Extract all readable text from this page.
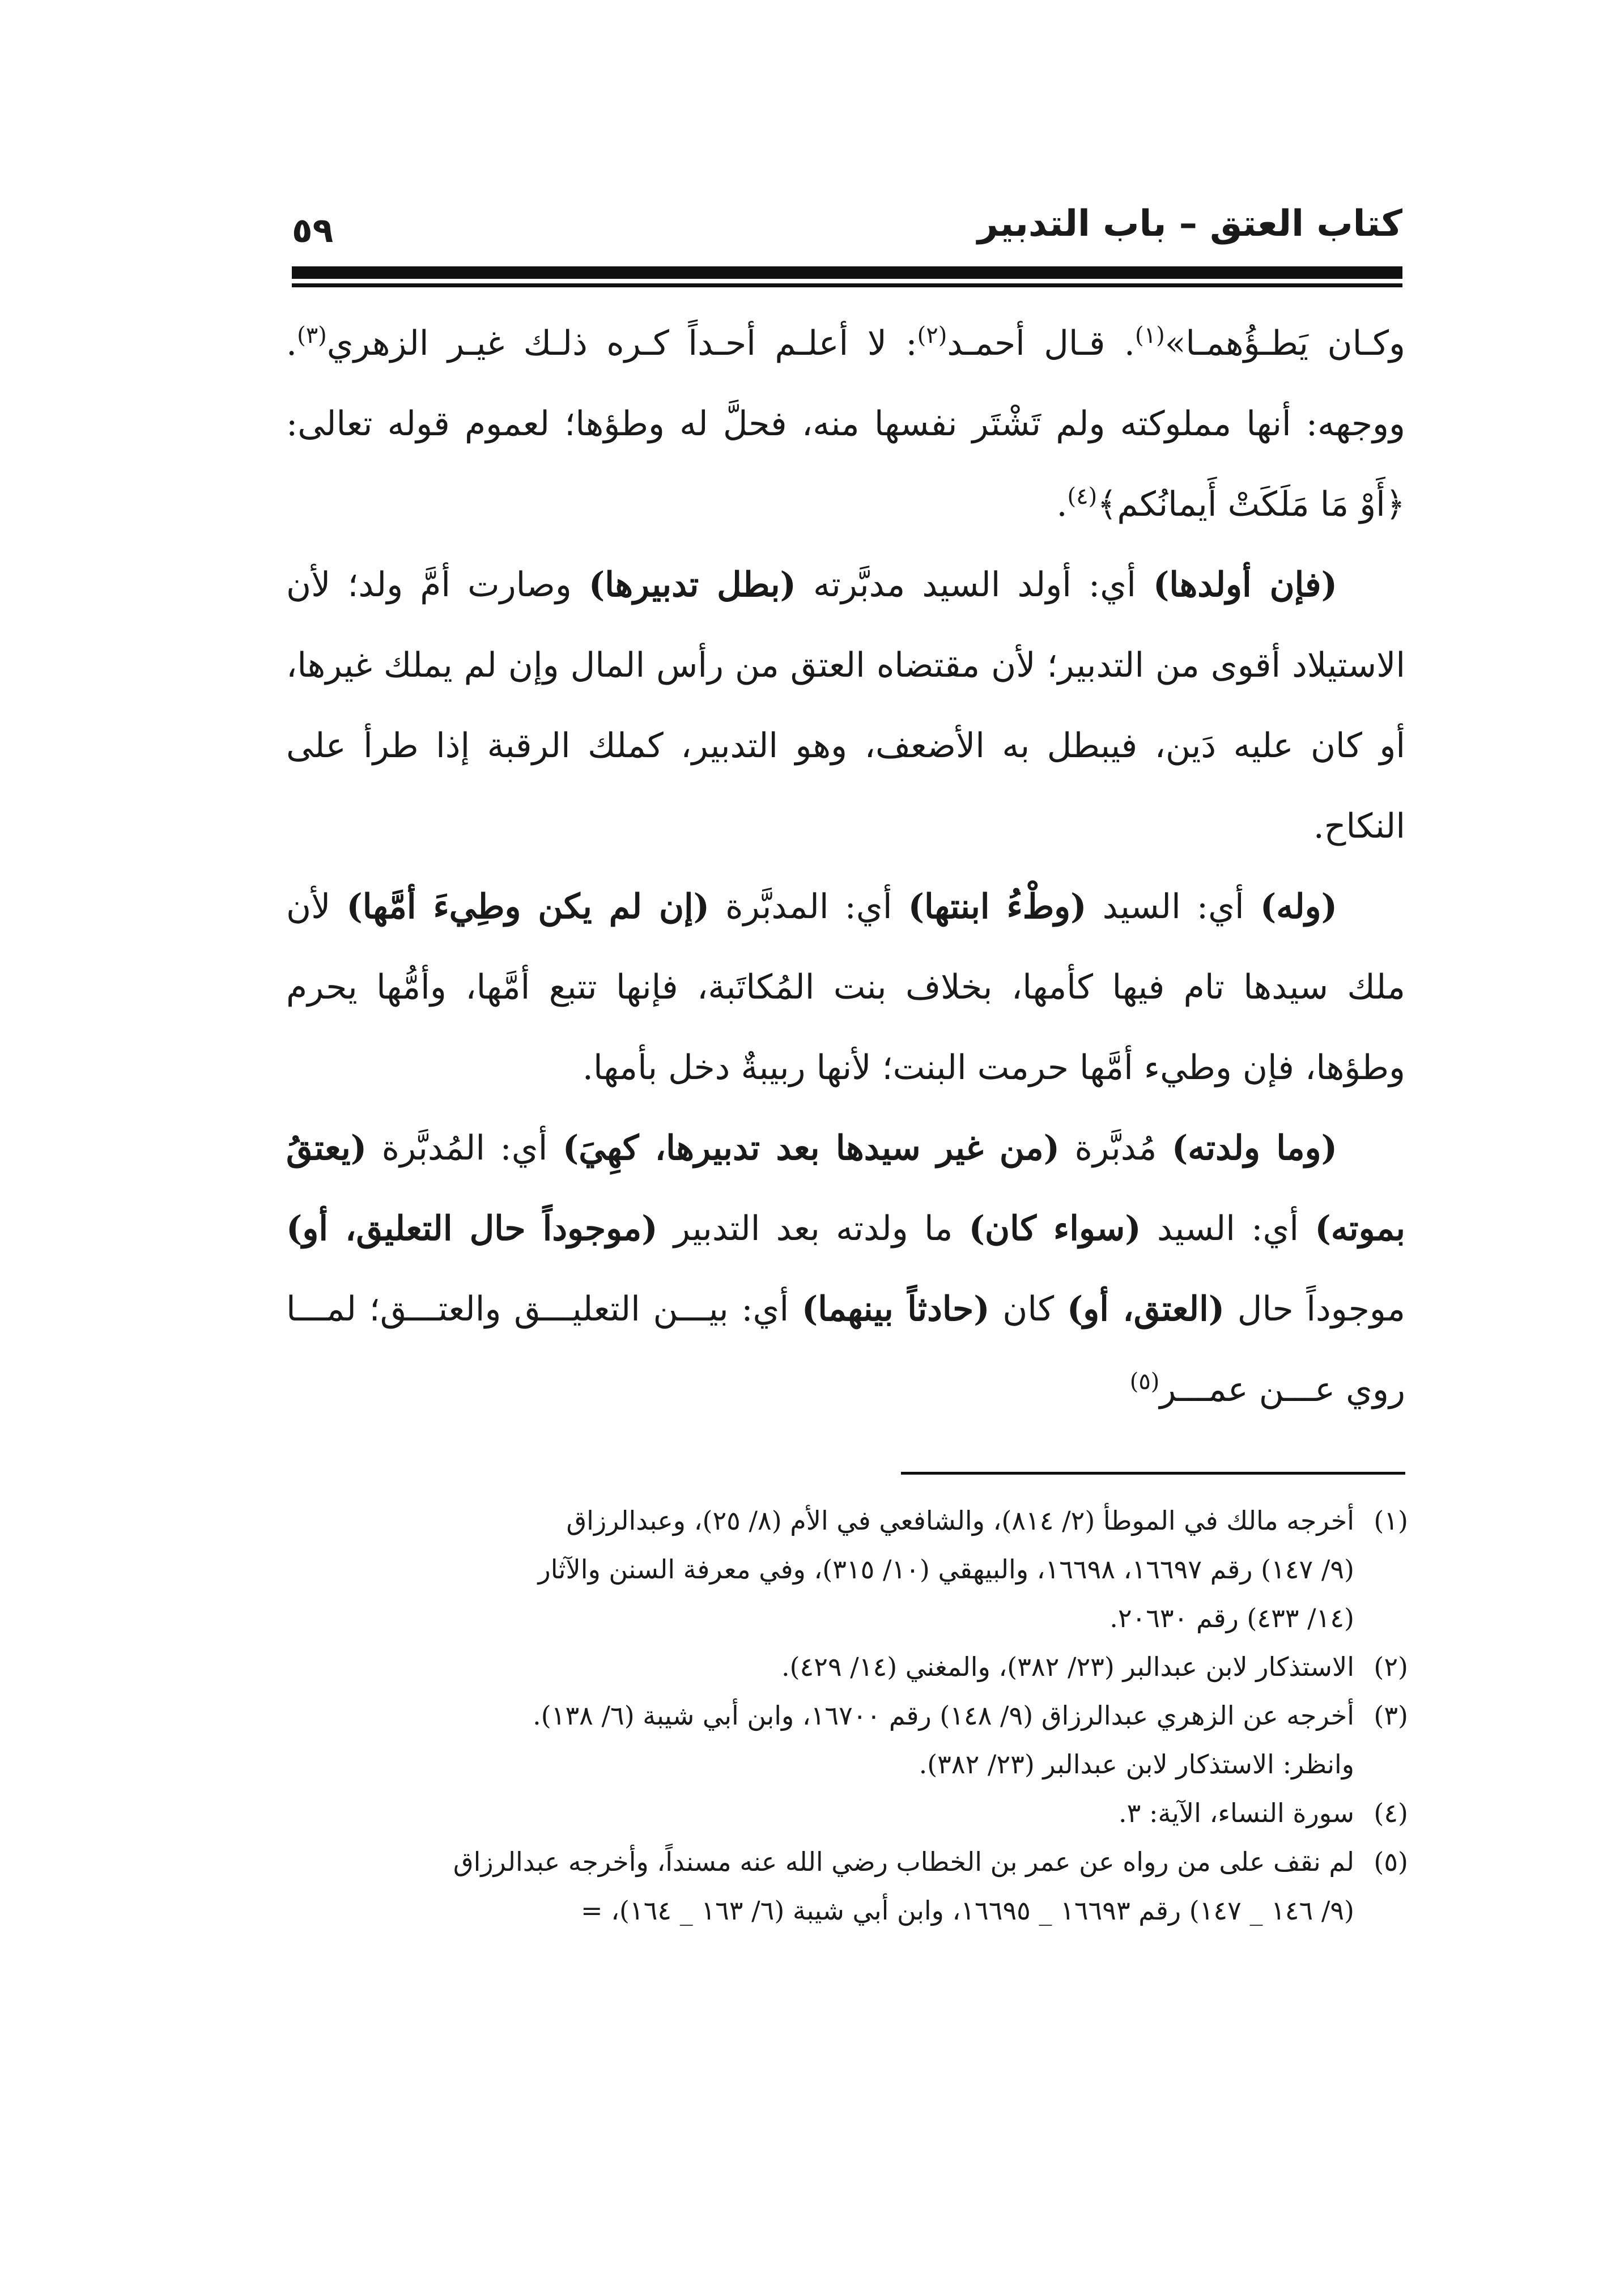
كتاب العتق – باب التدبير
٥٩

وكـان يَطـؤُهمـا»$^{(١)}$. قـال أحمـد$^{(٢)}$: لا أعلـم أحـداً كـره ذلـك غيـر الزهري$^{(٣)}$. ووجهه: أنها مملوكته ولم تَشْتَر نفسها منه، فحلَّ له وطؤها؛ لعموم قوله تعالى: ﴿أَوْ مَا مَلَكَتْ أَيمانُكم﴾$^{(٤)}$.

(فإن أولدها) أي: أولد السيد مدبَّرته (بطل تدبيرها) وصارت أمَّ ولد؛ لأن الاستيلاد أقوى من التدبير؛ لأن مقتضاه العتق من رأس المال وإن لم يملك غيرها، أو كان عليه دَين، فيبطل به الأضعف، وهو التدبير، كملك الرقبة إذا طرأ على النكاح.

(وله) أي: السيد (وطْءُ ابنتها) أي: المدبَّرة (إن لم يكن وطِيءَ أمَّها) لأن ملك سيدها تام فيها كأمها، بخلاف بنت المُكاتَبة، فإنها تتبع أمَّها، وأمُّها يحرم وطؤها، فإن وطيء أمَّها حرمت البنت؛ لأنها ربيبةٌ دخل بأمها.

(وما ولدته) مُدبَّرة (من غير سيدها بعد تدبيرها، كهِيَ) أي: المُدبَّرة (يعتقُ بموته) أي: السيد (سواء كان) ما ولدته بعد التدبير (موجوداً حال التعليق، أو) موجوداً حال (العتق، أو) كان (حادثاً بينهما) أي: بيـــن التعليـــق والعتـــق؛ لمـــا روي عـــن عمـــر$^{(٥)}$

(١)
أخرجه مالك في الموطأ (٢/ ٨١٤)، والشافعي في الأم (٨/ ٢٥)، وعبدالرزاق
(٩/ ١٤٧) رقم ١٦٦٩٧، ١٦٦٩٨، والبيهقي (١٠/ ٣١٥)، وفي معرفة السنن والآثار
(١٤/ ٤٣٣) رقم ٢٠٦٣٠.
(٢)
الاستذكار لابن عبدالبر (٢٣/ ٣٨٢)، والمغني (١٤/ ٤٢٩).
(٣)
أخرجه عن الزهري عبدالرزاق (٩/ ١٤٨) رقم ١٦٧٠٠، وابن أبي شيبة (٦/ ١٣٨).
وانظر: الاستذكار لابن عبدالبر (٢٣/ ٣٨٢).
(٤)
سورة النساء، الآية: ٣.
(٥)
لم نقف على من رواه عن عمر بن الخطاب رضي الله عنه مسنداً، وأخرجه عبدالرزاق
(٩/ ١٤٦ _ ١٤٧) رقم ١٦٦٩٣ _ ١٦٦٩٥، وابن أبي شيبة (٦/ ١٦٣ _ ١٦٤)، =
